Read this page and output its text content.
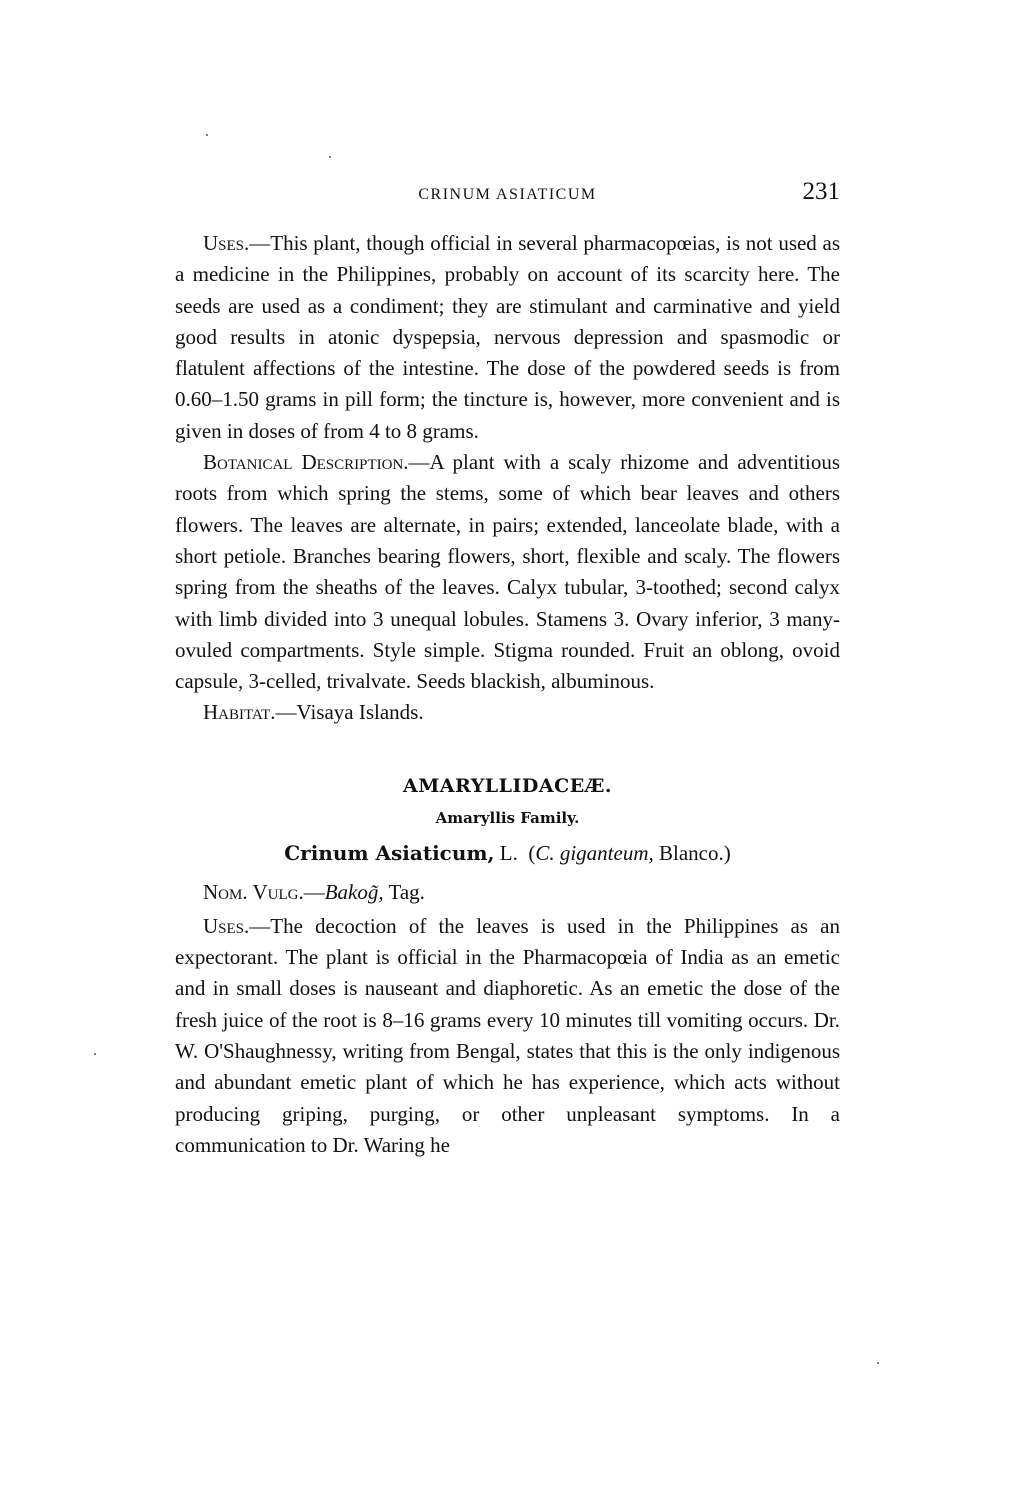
CRINUM ASIATICUM	231

Uses.—This plant, though official in several pharmacopœias, is not used as a medicine in the Philippines, probably on account of its scarcity here. The seeds are used as a condiment; they are stimulant and carminative and yield good results in atonic dyspepsia, nervous depression and spasmodic or flatulent affections of the intestine. The dose of the powdered seeds is from 0.60–1.50 grams in pill form; the tincture is, however, more convenient and is given in doses of from 4 to 8 grams.

Botanical Description.—A plant with a scaly rhizome and adventitious roots from which spring the stems, some of which bear leaves and others flowers. The leaves are alternate, in pairs; extended, lanceolate blade, with a short petiole. Branches bearing flowers, short, flexible and scaly. The flowers spring from the sheaths of the leaves. Calyx tubular, 3-toothed; second calyx with limb divided into 3 unequal lobules. Stamens 3. Ovary inferior, 3 many-ovuled compartments. Style simple. Stigma rounded. Fruit an oblong, ovoid capsule, 3-celled, trivalvate. Seeds blackish, albuminous.

Habitat.—Visaya Islands.

AMARYLLIDACEÆ.
Amaryllis Family.
Crinum Asiaticum, L. (C. giganteum, Blanco.)

Nom. Vulg.—Bakog̃, Tag.

Uses.—The decoction of the leaves is used in the Philippines as an expectorant. The plant is official in the Pharmacopœia of India as an emetic and in small doses is nauseant and diaphoretic. As an emetic the dose of the fresh juice of the root is 8–16 grams every 10 minutes till vomiting occurs. Dr. W. O'Shaughnessy, writing from Bengal, states that this is the only indigenous and abundant emetic plant of which he has experience, which acts without producing griping, purging, or other unpleasant symptoms. In a communication to Dr. Waring he
